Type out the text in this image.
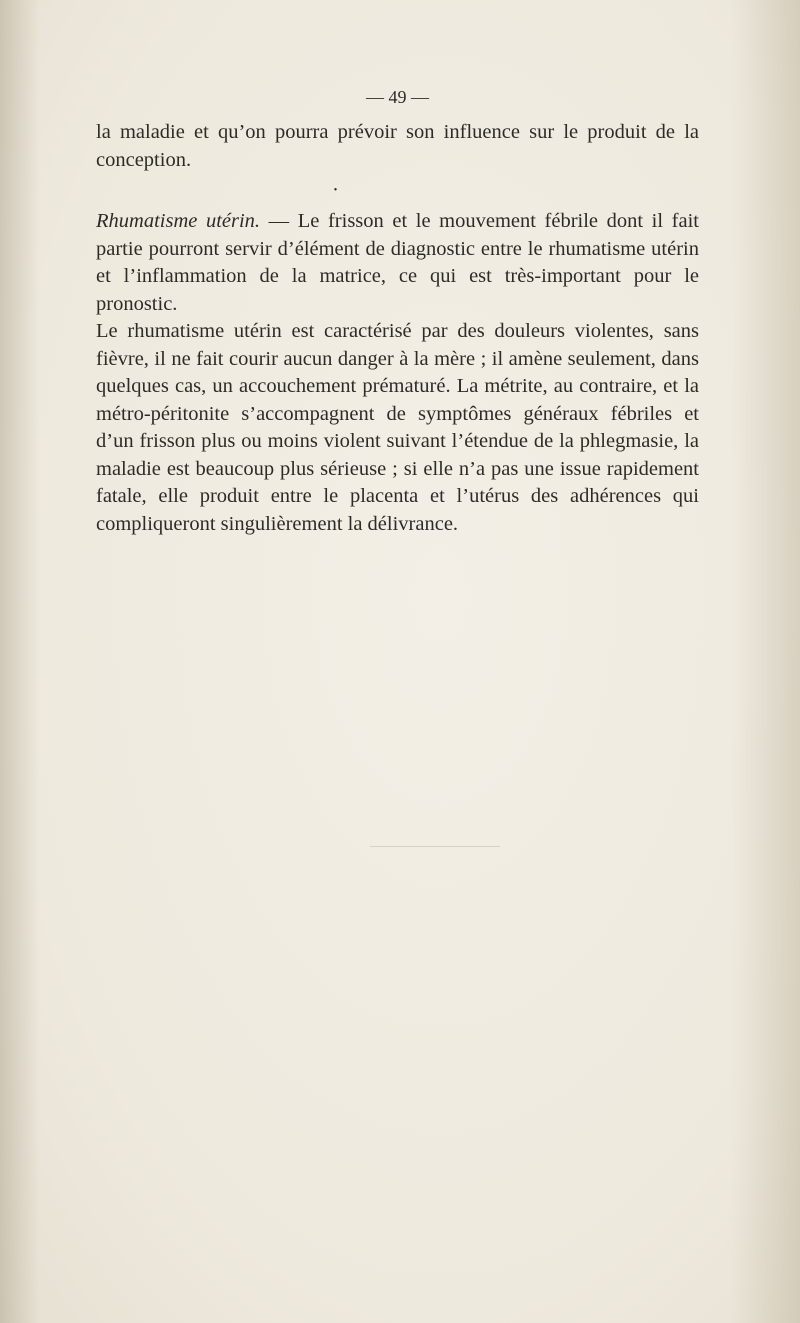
— 49 —

la maladie et qu’on pourra prévoir son influence sur le produit de la conception.

•

Rhumatisme utérin. — Le frisson et le mouvement fébrile dont il fait partie pourront servir d’élément de diagnostic entre le rhumatisme utérin et l’inflammation de la matrice, ce qui est très-important pour le pronostic.

Le rhumatisme utérin est caractérisé par des douleurs violentes, sans fièvre, il ne fait courir aucun danger à la mère ; il amène seulement, dans quelques cas, un accouchement prématuré. La métrite, au contraire, et la métro-péritonite s’accompagnent de symptômes généraux fébriles et d’un frisson plus ou moins violent suivant l’étendue de la phlegmasie, la maladie est beaucoup plus sérieuse ; si elle n’a pas une issue rapidement fatale, elle produit entre le placenta et l’utérus des adhérences qui compliqueront singulièrement la délivrance.
